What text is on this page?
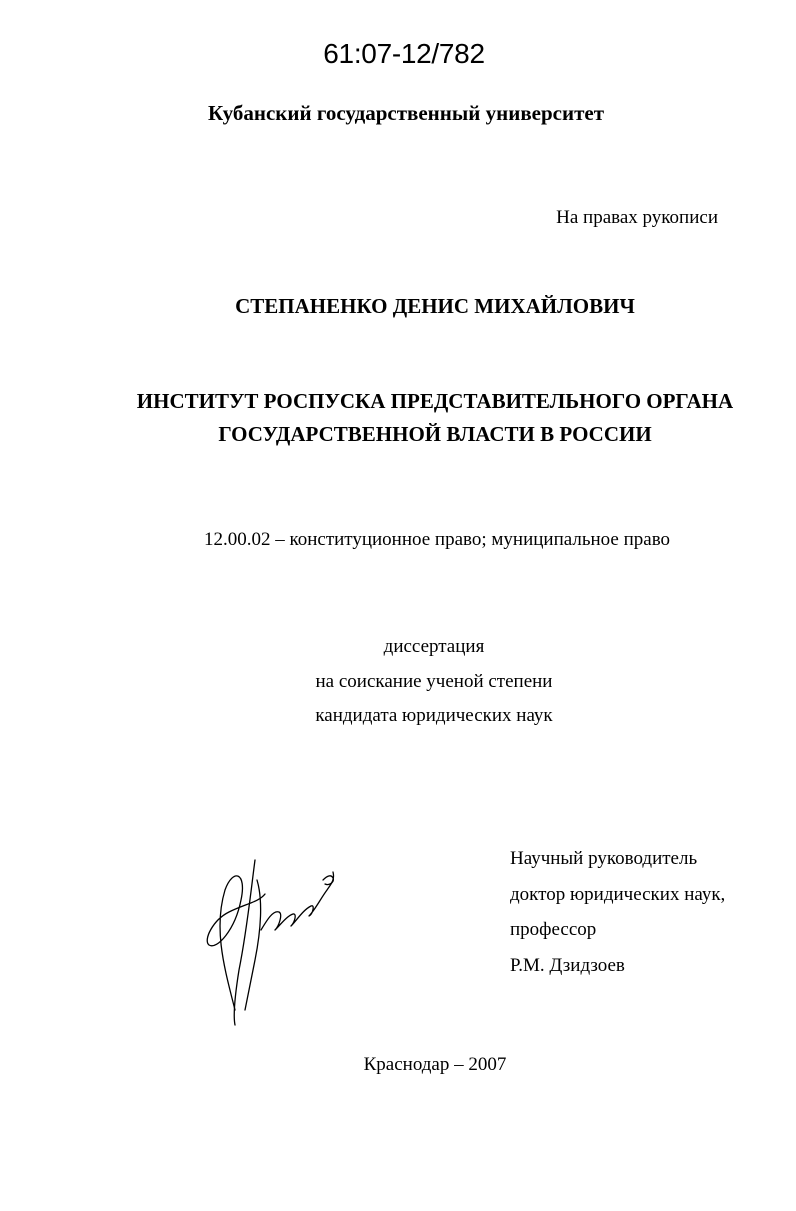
61:07-12/782
Кубанский государственный университет
На правах рукописи
СТЕПАНЕНКО ДЕНИС МИХАЙЛОВИЧ
ИНСТИТУТ РОСПУСКА ПРЕДСТАВИТЕЛЬНОГО ОРГАНА
ГОСУДАРСТВЕННОЙ ВЛАСТИ В РОССИИ
12.00.02 – конституционное право; муниципальное право
диссертация
на соискание ученой степени
кандидата юридических наук
Научный руководитель
доктор юридических наук,
профессор
Р.М. Дзидзоев
Краснодар – 2007
